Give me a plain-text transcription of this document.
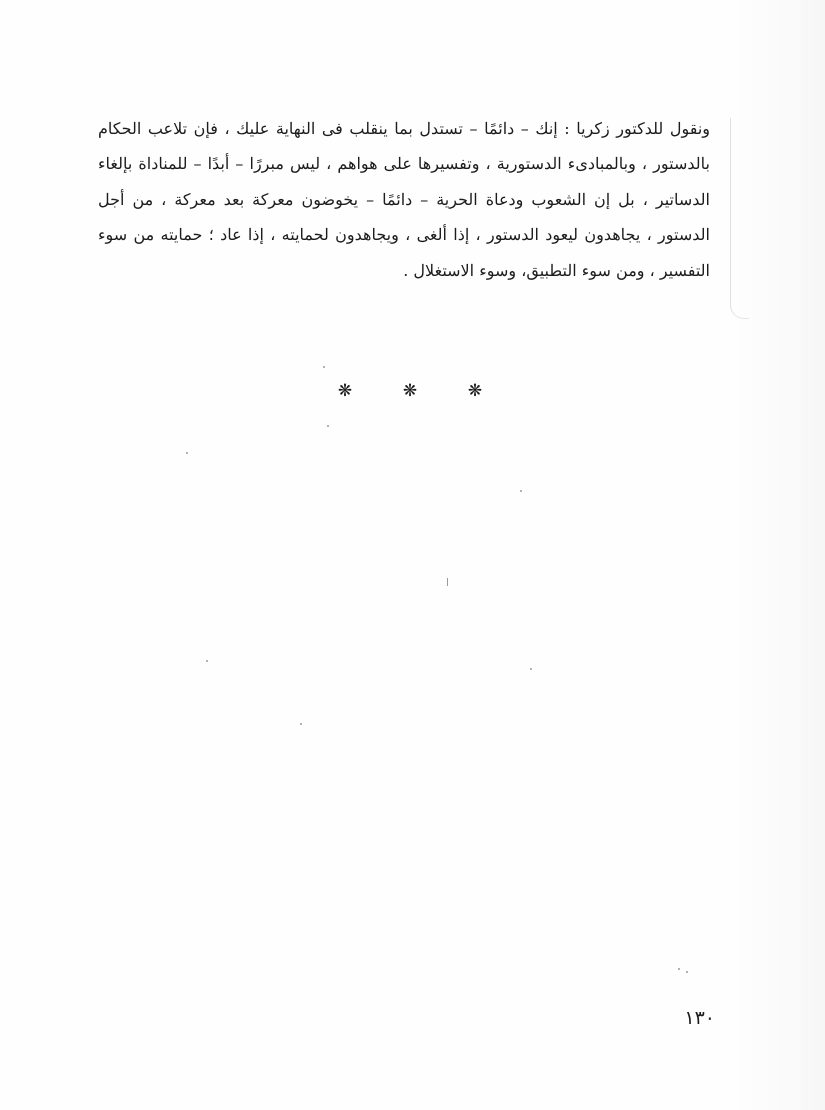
ونقول للدكتور زكريا : إنك – دائمًا – تستدل بما ينقلب فى النهاية عليك ، فإن تلاعب الحكام بالدستور ، وبالمبادىء الدستورية ، وتفسيرها على هواهم ، ليس مبررًا – أبدًا – للمناداة بإلغاء الدساتير ، بل إن الشعوب ودعاة الحرية – دائمًا – يخوضون معركة بعد معركة ، من أجل الدستور ، يجاهدون ليعود الدستور ، إذا ألغى ، ويجاهدون لحمايته ، إذا عاد ؛ حمايته من سوء التفسير ، ومن سوء التطبيق، وسوء الاستغلال .

❋	❋	❋
١٣٠
